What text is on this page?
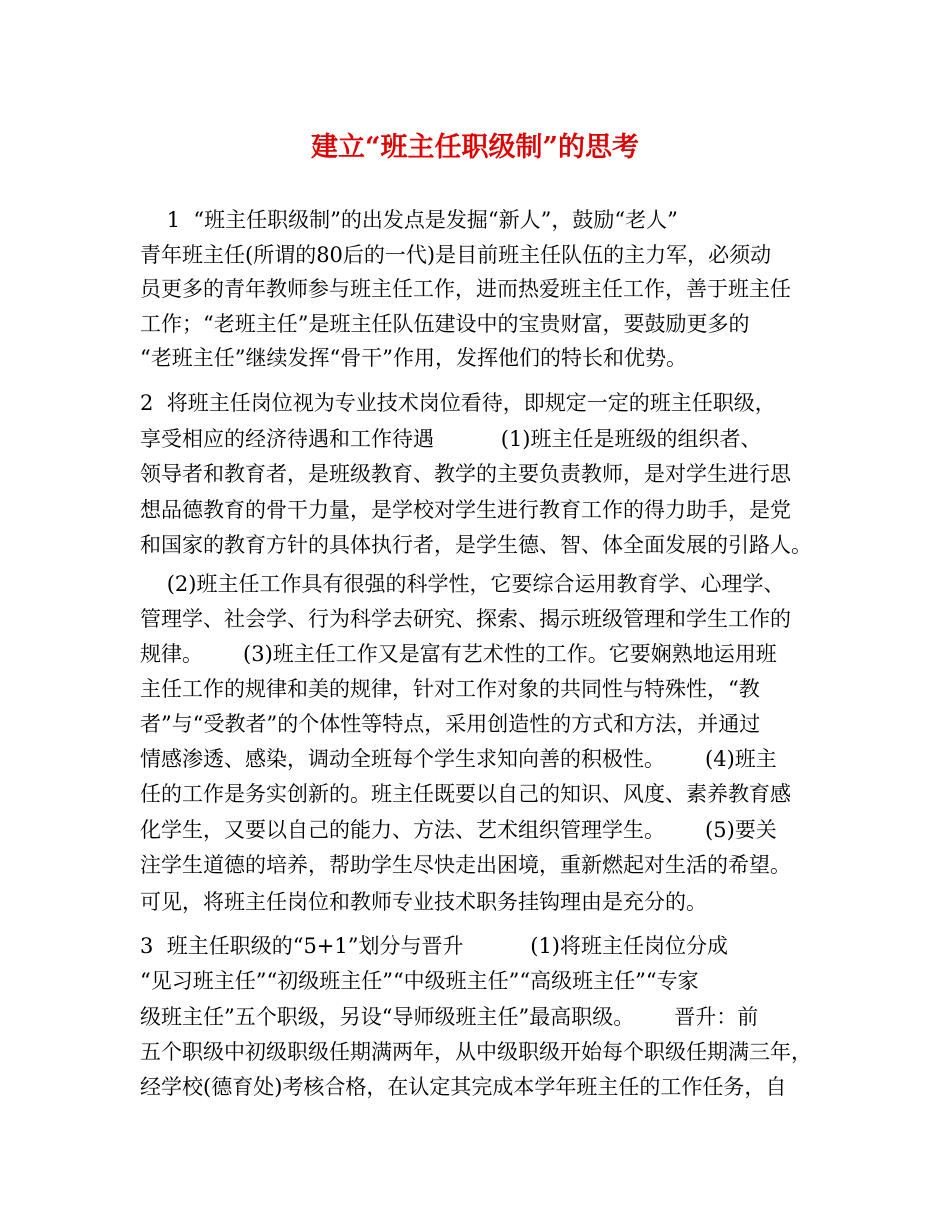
建立“班主任职级制”的思考
1  “班主任职级制”的出发点是发掘“新人”，鼓励“老人”
青年班主任(所谓的80后的一代)是目前班主任队伍的主力军，必须动
员更多的青年教师参与班主任工作，进而热爱班主任工作，善于班主任
工作；“老班主任”是班主任队伍建设中的宝贵财富，要鼓励更多的
“老班主任”继续发挥“骨干”作用，发挥他们的特长和优势。
2  将班主任岗位视为专业技术岗位看待，即规定一定的班主任职级，
享受相应的经济待遇和工作待遇          (1)班主任是班级的组织者、
领导者和教育者，是班级教育、教学的主要负责教师，是对学生进行思
想品德教育的骨干力量，是学校对学生进行教育工作的得力助手，是党
和国家的教育方针的具体执行者，是学生德、智、体全面发展的引路人。
(2)班主任工作具有很强的科学性，它要综合运用教育学、心理学、
管理学、社会学、行为科学去研究、探索、揭示班级管理和学生工作的
规律。      (3)班主任工作又是富有艺术性的工作。它要娴熟地运用班
主任工作的规律和美的规律，针对工作对象的共同性与特殊性，“教
者”与“受教者”的个体性等特点，采用创造性的方式和方法，并通过
情感渗透、感染，调动全班每个学生求知向善的积极性。      (4)班主
任的工作是务实创新的。班主任既要以自己的知识、风度、素养教育感
化学生，又要以自己的能力、方法、艺术组织管理学生。      (5)要关
注学生道德的培养，帮助学生尽快走出困境，重新燃起对生活的希望。
可见，将班主任岗位和教师专业技术职务挂钩理由是充分的。
3  班主任职级的“5+1”划分与晋升          (1)将班主任岗位分成
“见习班主任”“初级班主任”“中级班主任”“高级班主任”“专家
级班主任”五个职级，另设“导师级班主任”最高职级。      晋升：前
五个职级中初级职级任期满两年，从中级职级开始每个职级任期满三年，
经学校(德育处)考核合格，在认定其完成本学年班主任的工作任务，自
